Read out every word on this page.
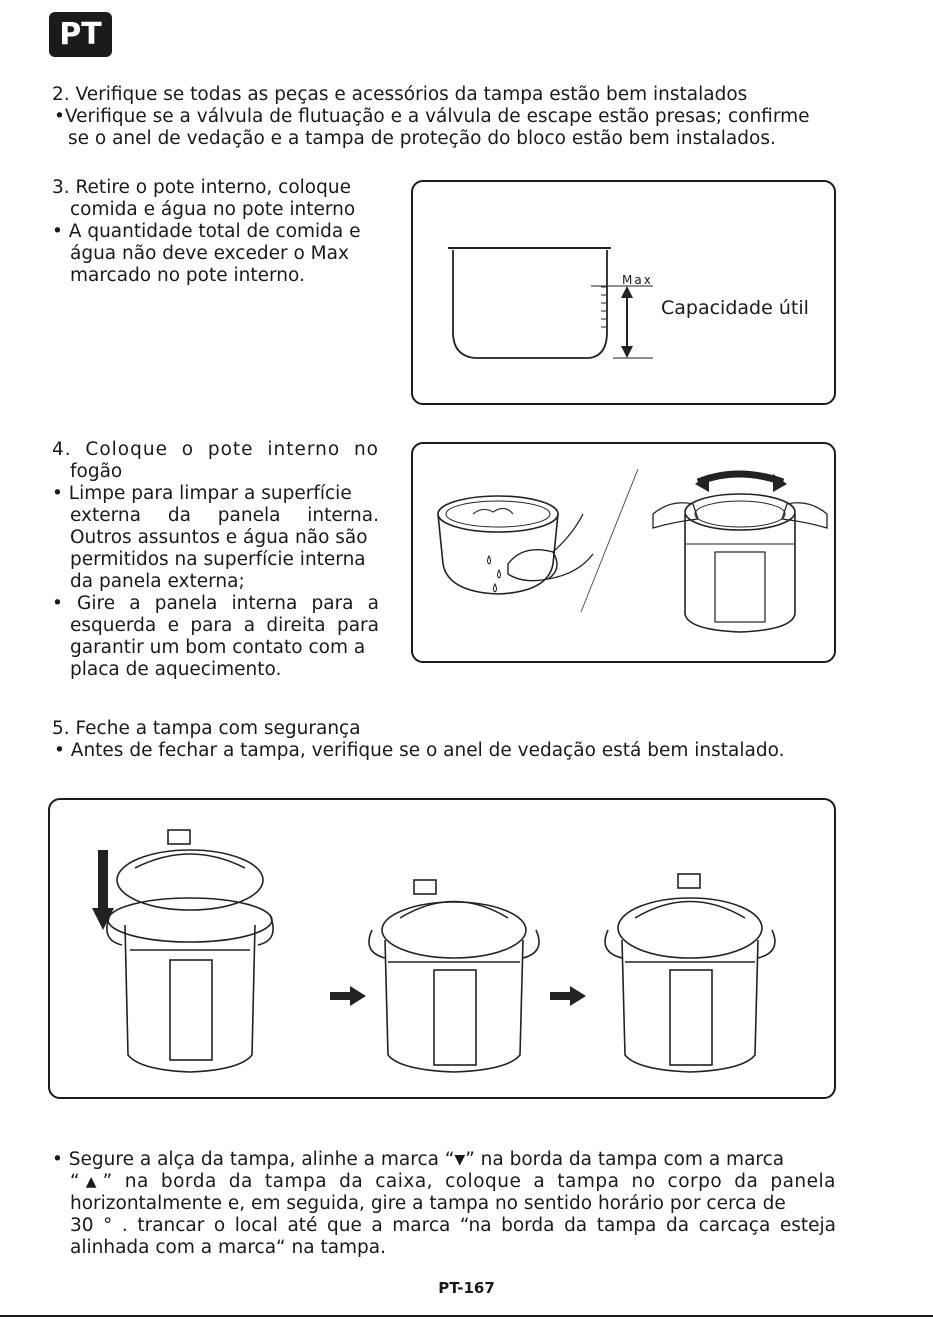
PT

2. Verifique se todas as peças e acessórios da tampa estão bem instalados

•Verifique se a válvula de flutuação e a válvula de escape estão presas; confirme

se o anel de vedação e a tampa de proteção do bloco estão bem instalados.

3. Retire o pote interno, coloque

comida e água no pote interno

• A quantidade total de comida e

água não deve exceder o Max

marcado no pote interno.	Max
Capacidade útil

4. Coloque o pote interno no

fogão

• Limpe para limpar a superfície

externa da panela interna.

Outros assuntos e água não são

permitidos na superfície interna

da panela externa;

• Gire a panela interna para a

esquerda e para a direita para

garantir um bom contato com a

placa de aquecimento.

5. Feche a tampa com segurança

• Antes de fechar a tampa, verifique se o anel de vedação está bem instalado.

• Segure a alça da tampa, alinhe a marca “▼” na borda da tampa com a marca

“▲” na borda da tampa da caixa, coloque a tampa no corpo da panela

horizontalmente e, em seguida, gire a tampa no sentido horário por cerca de

30 ° . trancar o local até que a marca “na borda da tampa da carcaça esteja

alinhada com a marca“ na tampa.

PT-167
